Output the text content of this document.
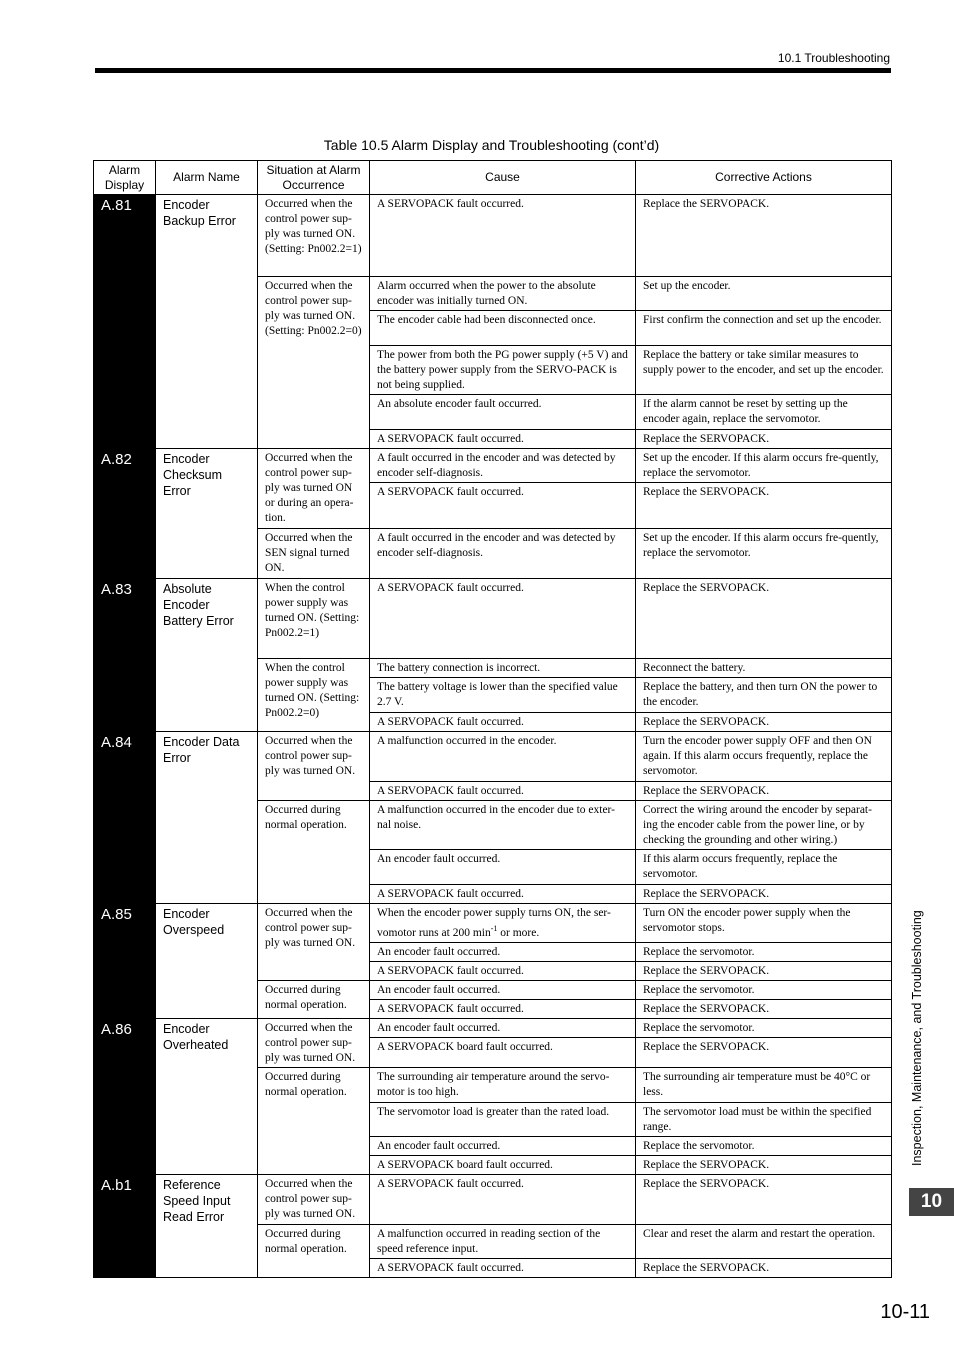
10.1 Troubleshooting
Table 10.5 Alarm Display and Troubleshooting (cont’d)
Alarm Display	Alarm Name	Situation at Alarm Occurrence	Cause	Corrective Actions
A.81	Encoder Backup Error	Occurred when the control power sup-ply was turned ON. (Setting: Pn002.2=1)	A SERVOPACK fault occurred.	Replace the SERVOPACK.
		Occurred when the control power sup-ply was turned ON. (Setting: Pn002.2=0)	Alarm occurred when the power to the absolute encoder was initially turned ON.	Set up the encoder.
			The encoder cable had been disconnected once.	First confirm the connection and set up the encoder.
			The power from both the PG power supply (+5 V) and the battery power supply from the SERVO-PACK is not being supplied.	Replace the battery or take similar measures to supply power to the encoder, and set up the encoder.
			An absolute encoder fault occurred.	If the alarm cannot be reset by setting up the encoder again, replace the servomotor.
			A SERVOPACK fault occurred.	Replace the SERVOPACK.
A.82	Encoder Checksum Error	Occurred when the control power sup-ply was turned ON or during an opera-tion.	A fault occurred in the encoder and was detected by encoder self-diagnosis.	Set up the encoder. If this alarm occurs fre-quently, replace the servomotor.
			A SERVOPACK fault occurred.	Replace the SERVOPACK.
		Occurred when the SEN signal turned ON.	A fault occurred in the encoder and was detected by encoder self-diagnosis.	Set up the encoder. If this alarm occurs fre-quently, replace the servomotor.
A.83	Absolute Encoder Battery Error	When the control power supply was turned ON. (Setting: Pn002.2=1)	A SERVOPACK fault occurred.	Replace the SERVOPACK.
		When the control power supply was turned ON. (Setting: Pn002.2=0)	The battery connection is incorrect.	Reconnect the battery.
			The battery voltage is lower than the specified value 2.7 V.	Replace the battery, and then turn ON the power to the encoder.
			A SERVOPACK fault occurred.	Replace the SERVOPACK.
A.84	Encoder Data Error	Occurred when the control power sup-ply was turned ON.	A malfunction occurred in the encoder.	Turn the encoder power supply OFF and then ON again. If this alarm occurs frequently, replace the servomotor.
			A SERVOPACK fault occurred.	Replace the SERVOPACK.
		Occurred during normal operation.	A malfunction occurred in the encoder due to exter-nal noise.	Correct the wiring around the encoder by separat-ing the encoder cable from the power line, or by checking the grounding and other wiring.)
			An encoder fault occurred.	If this alarm occurs frequently, replace the servomotor.
			A SERVOPACK fault occurred.	Replace the SERVOPACK.
A.85	Encoder Overspeed	Occurred when the control power sup-ply was turned ON.	When the encoder power supply turns ON, the ser-vomotor runs at 200 $\min^{-1}$ or more.	Turn ON the encoder power supply when the servomotor stops.
			An encoder fault occurred.	Replace the servomotor.
			A SERVOPACK fault occurred.	Replace the SERVOPACK.
		Occurred during normal operation.	An encoder fault occurred.	Replace the servomotor.
			A SERVOPACK fault occurred.	Replace the SERVOPACK.
A.86	Encoder Overheated	Occurred when the control power sup-ply was turned ON.	An encoder fault occurred.	Replace the servomotor.
			A SERVOPACK board fault occurred.	Replace the SERVOPACK.
		Occurred during normal operation.	The surrounding air temperature around the servo-motor is too high.	The surrounding air temperature must be 40°C or less.
			The servomotor load is greater than the rated load.	The servomotor load must be within the specified range.
			An encoder fault occurred.	Replace the servomotor.
			A SERVOPACK board fault occurred.	Replace the SERVOPACK.
A.b1	Reference Speed Input Read Error	Occurred when the control power sup-ply was turned ON.	A SERVOPACK fault occurred.	Replace the SERVOPACK.
		Occurred during normal operation.	A malfunction occurred in reading section of the speed reference input.	Clear and reset the alarm and restart the operation.
			A SERVOPACK fault occurred.	Replace the SERVOPACK.
Inspection, Maintenance, and Troubleshooting
10
10-11
